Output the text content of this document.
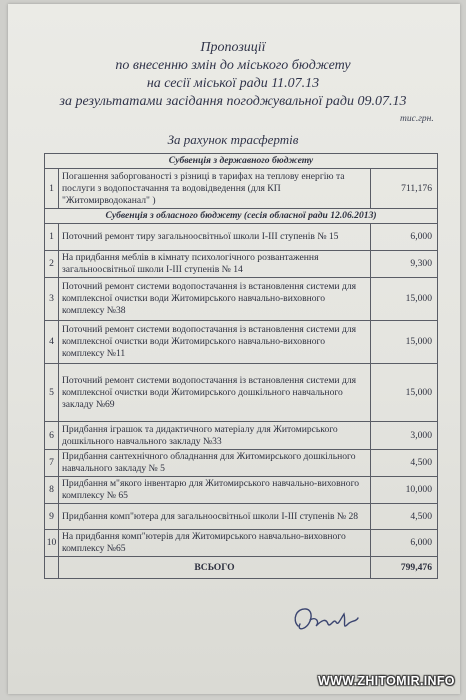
Пропозиції
по внесенню змін до міського бюджету
на сесії міської ради 11.07.13
за результатами засідання погоджувальної ради 09.07.13
тис.грн.
За рахунок трасфертів
Субвенція з державного бюджету		
1	Погашення заборгованості з різниці в тарифах на теплову енергію та послуги з водопостачання та водовідведення (для КП "Житомирводоканал" )	711,176
Субвенція з обласного бюджету (сесія обласної ради 12.06.2013)		
1	Поточний ремонт тиру загальноосвітньої школи І-ІІІ ступенів № 15	6,000
2	На придбання меблів в кімнату психологічного розвантаження загальноосвітньої школи І-ІІІ ступенів № 14	9,300
3	Поточний ремонт системи водопостачання із встановлення системи для комплексної очистки води Житомирського навчально-виховного комплексу №38	15,000
4	Поточний ремонт системи водопостачання із встановлення системи для комплексної очистки води Житомирського навчально-виховного комплексу №11	15,000
5	Поточний ремонт системи водопостачання із встановлення системи для комплексної очистки води Житомирського дошкільного навчального закладу №69	15,000
6	Придбання іграшок та дидактичного матеріалу для Житомирського дошкільного навчального закладу №33	3,000
7	Придбання сантехнічного обладнання для Житомирського дошкільного навчального закладу № 5	4,500
8	Придбання м"якого інвентарю для Житомирського навчально-виховного комплексу № 65	10,000
9	Придбання комп"ютера для загальноосвітньої школи І-ІІІ ступенів № 28	4,500
10	На придбання комп"ютерів для Житомирського навчально-виховного комплексу №65	6,000
	ВСЬОГО	799,476
WWW.ZHITOMIR.INFO
